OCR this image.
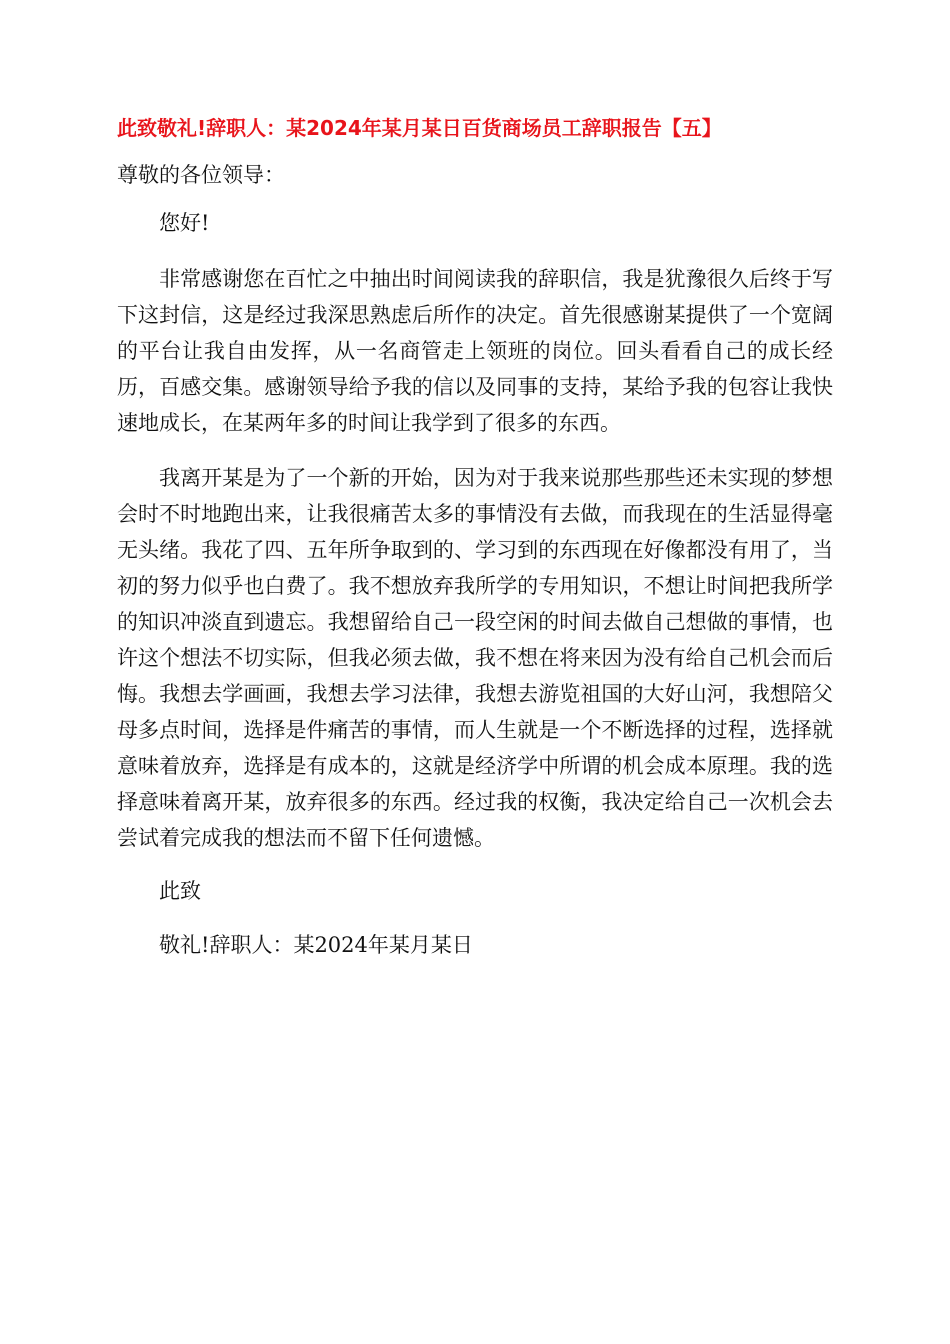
此致敬礼!辞职人：某2024年某月某日百货商场员工辞职报告【五】
尊敬的各位领导：
您好!
非常感谢您在百忙之中抽出时间阅读我的辞职信，我是犹豫很久后终于写下这封信，这是经过我深思熟虑后所作的决定。首先很感谢某提供了一个宽阔的平台让我自由发挥，从一名商管走上领班的岗位。回头看看自己的成长经历，百感交集。感谢领导给予我的信以及同事的支持，某给予我的包容让我快速地成长，在某两年多的时间让我学到了很多的东西。
我离开某是为了一个新的开始，因为对于我来说那些那些还未实现的梦想会时不时地跑出来，让我很痛苦太多的事情没有去做，而我现在的生活显得毫无头绪。我花了四、五年所争取到的、学习到的东西现在好像都没有用了，当初的努力似乎也白费了。我不想放弃我所学的专用知识，不想让时间把我所学的知识冲淡直到遗忘。我想留给自己一段空闲的时间去做自己想做的事情，也许这个想法不切实际，但我必须去做，我不想在将来因为没有给自己机会而后悔。我想去学画画，我想去学习法律，我想去游览祖国的大好山河，我想陪父母多点时间，选择是件痛苦的事情，而人生就是一个不断选择的过程，选择就意味着放弃，选择是有成本的，这就是经济学中所谓的机会成本原理。我的选择意味着离开某，放弃很多的东西。经过我的权衡，我决定给自己一次机会去尝试着完成我的想法而不留下任何遗憾。
此致
敬礼!辞职人：某2024年某月某日
